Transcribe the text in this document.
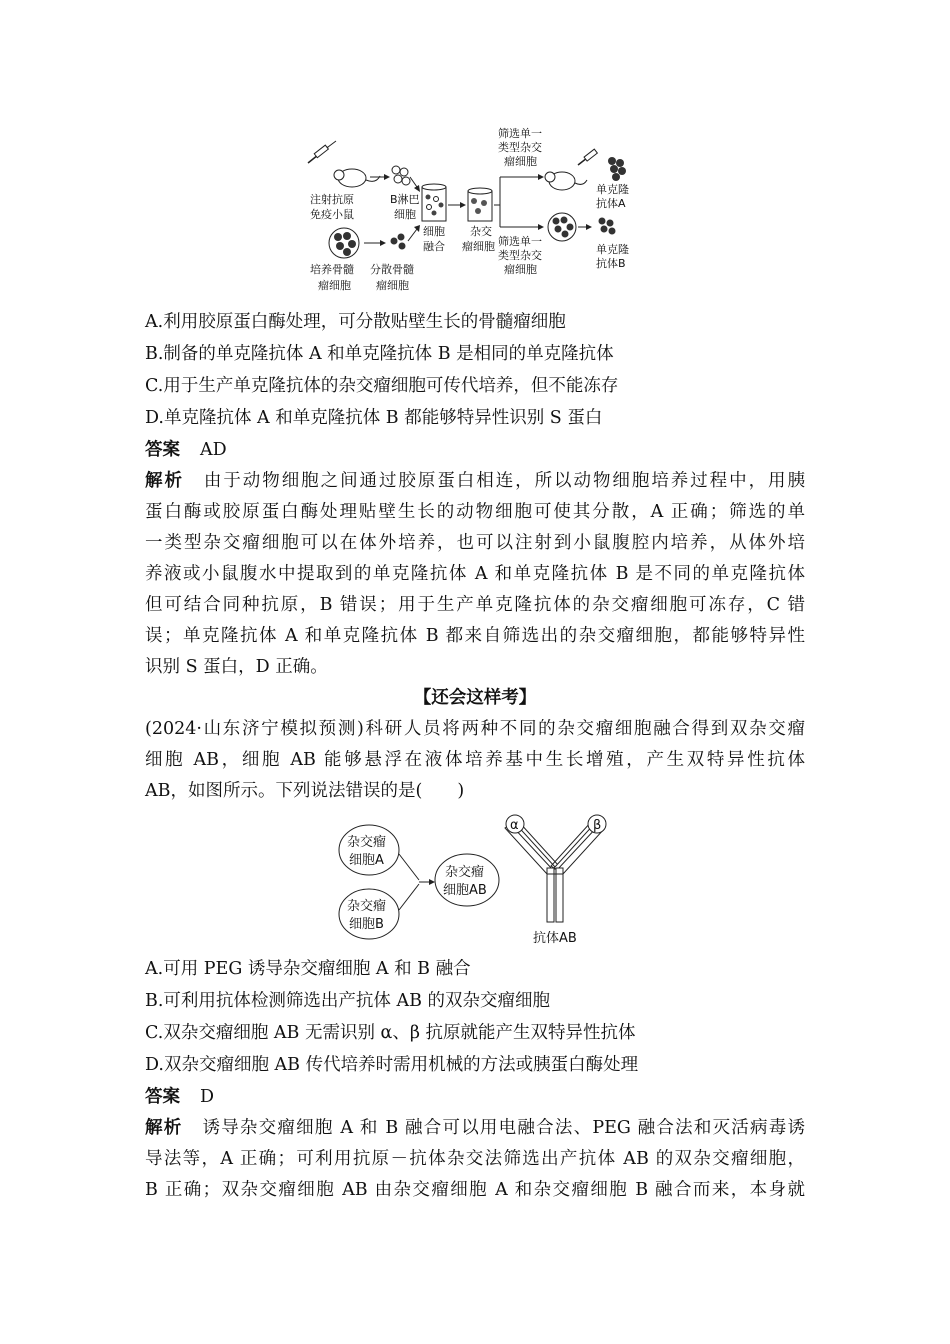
注射抗原
免疫小鼠
B淋巴
细胞
细胞
融合
杂交
瘤细胞
筛选单一
类型杂交
瘤细胞
筛选单一
类型杂交
瘤细胞
单克隆
抗体A
单克隆
抗体B
培养骨髓
瘤细胞
分散骨髓
瘤细胞
A.利用胶原蛋白酶处理，可分散贴壁生长的骨髓瘤细胞
B.制备的单克隆抗体 A 和单克隆抗体 B 是相同的单克隆抗体
C.用于生产单克隆抗体的杂交瘤细胞可传代培养，但不能冻存
D.单克隆抗体 A 和单克隆抗体 B 都能够特异性识别 S 蛋白
答案 AD
解析 由于动物细胞之间通过胶原蛋白相连，所以动物细胞培养过程中，用胰
蛋白酶或胶原蛋白酶处理贴壁生长的动物细胞可使其分散，A 正确；筛选的单
一类型杂交瘤细胞可以在体外培养，也可以注射到小鼠腹腔内培养，从体外培
养液或小鼠腹水中提取到的单克隆抗体 A 和单克隆抗体 B 是不同的单克隆抗体
但可结合同种抗原，B 错误；用于生产单克隆抗体的杂交瘤细胞可冻存，C 错
误；单克隆抗体 A 和单克隆抗体 B 都来自筛选出的杂交瘤细胞，都能够特异性
识别 S 蛋白，D 正确。
【还会这样考】
(2024·山东济宁模拟预测)科研人员将两种不同的杂交瘤细胞融合得到双杂交瘤
细胞 AB，细胞 AB 能够悬浮在液体培养基中生长增殖，产生双特异性抗体
AB，如图所示。下列说法错误的是(　　)
杂交瘤
细胞A
杂交瘤
细胞B
杂交瘤
细胞AB
α	β
抗体AB
A.可用 PEG 诱导杂交瘤细胞 A 和 B 融合
B.可利用抗体检测筛选出产抗体 AB 的双杂交瘤细胞
C.双杂交瘤细胞 AB 无需识别 α、β 抗原就能产生双特异性抗体
D.双杂交瘤细胞 AB 传代培养时需用机械的方法或胰蛋白酶处理
答案 D
解析 诱导杂交瘤细胞 A 和 B 融合可以用电融合法、PEG 融合法和灭活病毒诱
导法等，A 正确；可利用抗原－抗体杂交法筛选出产抗体 AB 的双杂交瘤细胞，
B 正确；双杂交瘤细胞 AB 由杂交瘤细胞 A 和杂交瘤细胞 B 融合而来，本身就
